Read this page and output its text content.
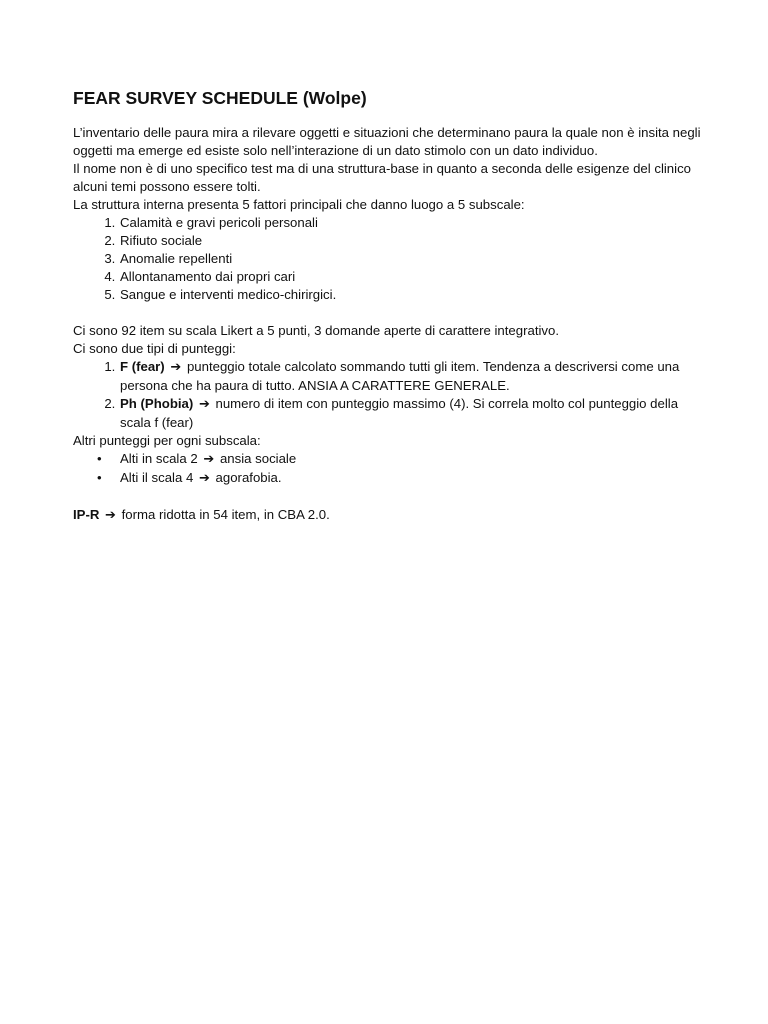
FEAR SURVEY SCHEDULE (Wolpe)

L’inventario delle paura mira a rilevare oggetti e situazioni che determinano paura la quale non è insita negli oggetti ma emerge ed esiste solo nell’interazione di un dato stimolo con un dato individuo.

Il nome non è di uno specifico test ma di una struttura-base in quanto a seconda delle esigenze del clinico alcuni temi possono essere tolti.

La struttura interna presenta 5 fattori principali che danno luogo a 5 subscale:

1. Calamità e gravi pericoli personali
2. Rifiuto sociale
3. Anomalie repellenti
4. Allontanamento dai propri cari
5. Sangue e interventi medico-chirirgici.

Ci sono 92 item su scala Likert a 5 punti, 3 domande aperte di carattere integrativo.

Ci sono due tipi di punteggi:

1. F (fear) ➔ punteggio totale calcolato sommando tutti gli item. Tendenza a descriversi come una persona che ha paura di tutto. ANSIA A CARATTERE GENERALE.
2. Ph (Phobia) ➔ numero di item con punteggio massimo (4). Si correla molto col punteggio della scala f (fear)

Altri punteggi per ogni subscala:

• Alti in scala 2 ➔ ansia sociale
• Alti il scala 4 ➔ agorafobia.

IP-R ➔ forma ridotta in 54 item, in CBA 2.0.
